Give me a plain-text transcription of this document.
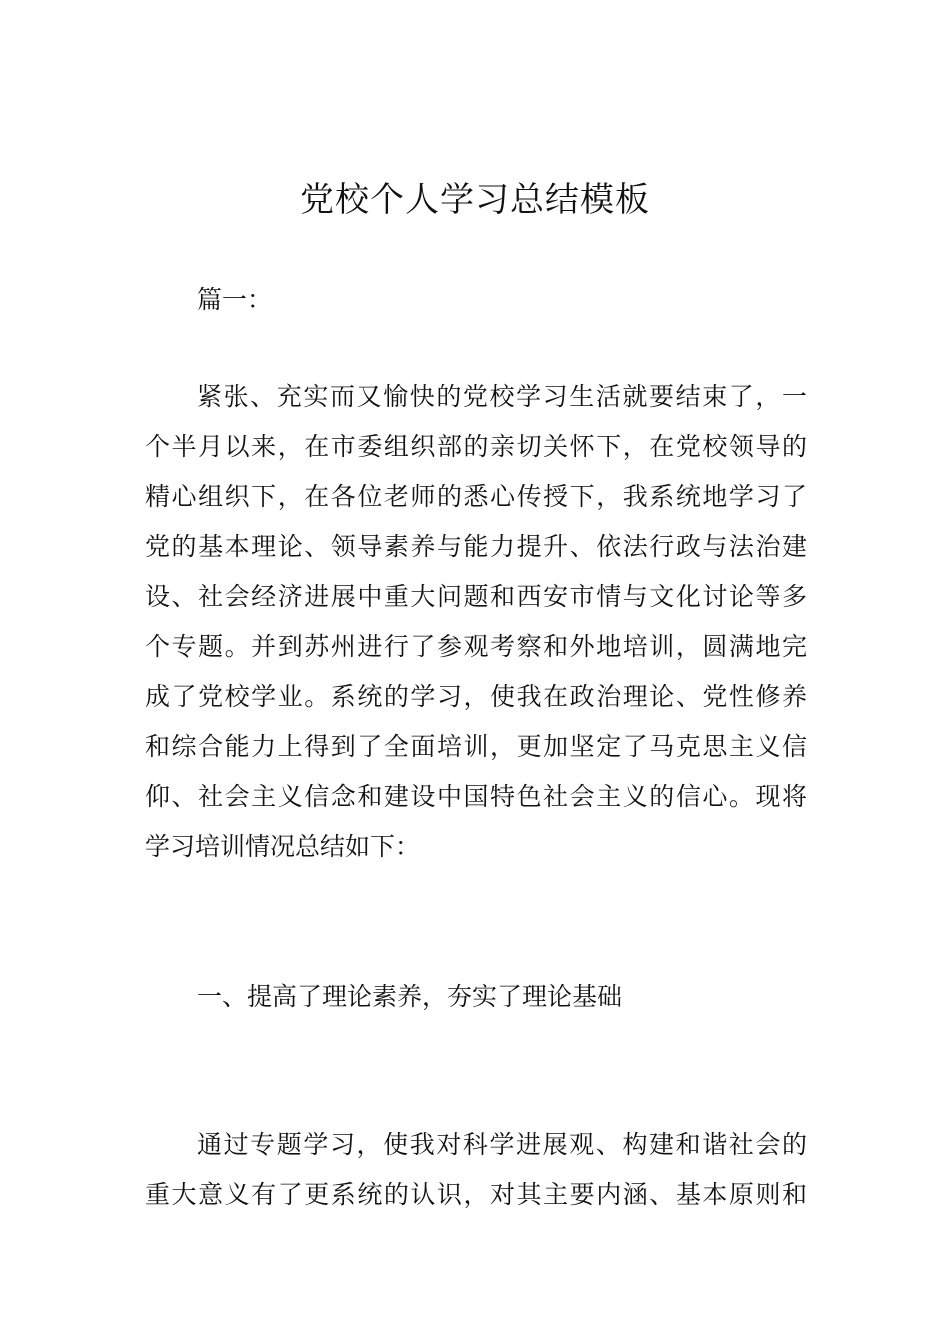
党校个人学习总结模板

篇一：

紧张、充实而又愉快的党校学习生活就要结束了，一

个半月以来，在市委组织部的亲切关怀下，在党校领导的

精心组织下，在各位老师的悉心传授下，我系统地学习了

党的基本理论、领导素养与能力提升、依法行政与法治建

设、社会经济进展中重大问题和西安市情与文化讨论等多

个专题。并到苏州进行了参观考察和外地培训，圆满地完

成了党校学业。系统的学习，使我在政治理论、党性修养

和综合能力上得到了全面培训，更加坚定了马克思主义信

仰、社会主义信念和建设中国特色社会主义的信心。现将

学习培训情况总结如下：

一、提高了理论素养，夯实了理论基础

通过专题学习，使我对科学进展观、构建和谐社会的

重大意义有了更系统的认识，对其主要内涵、基本原则和
